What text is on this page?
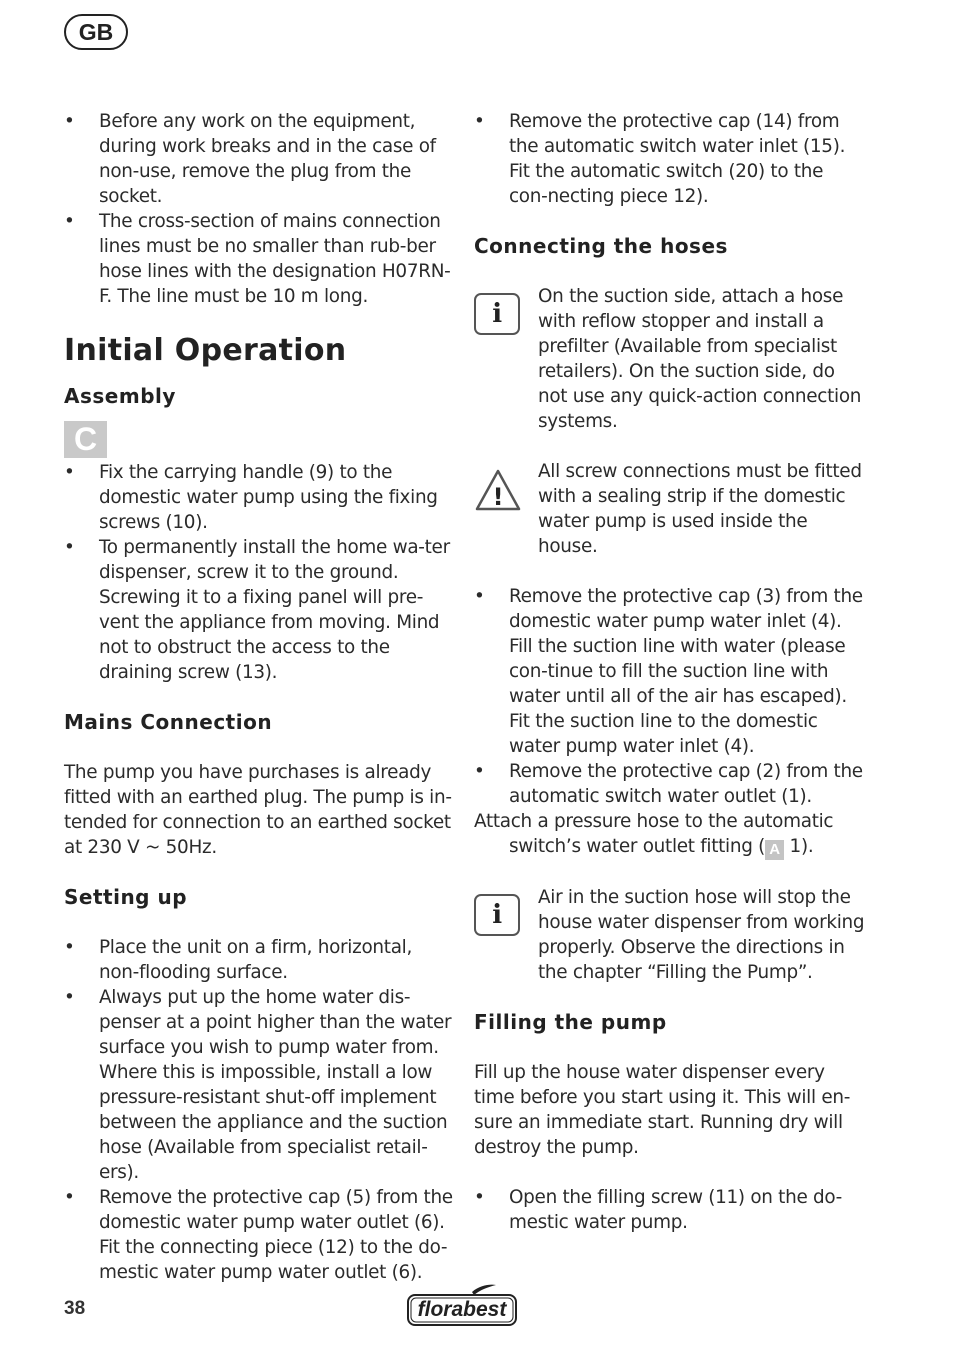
GB
• Before any work on the equipment, during work breaks and in the case of non-use, remove the plug from the socket.
• The cross-section of mains connection lines must be no smaller than rub-ber hose lines with the designation H07RN-F. The line must be 10 m long.
Initial Operation
Assembly
C
• Fix the carrying handle (9) to the domestic water pump using the fixing screws (10).
• To permanently install the home wa-ter dispenser, screw it to the ground. Screwing it to a fixing panel will pre-vent the appliance from moving. Mind not to obstruct the access to the draining screw (13).
Mains Connection
The pump you have purchases is already fitted with an earthed plug. The pump is in-tended for connection to an earthed socket at 230 V ~ 50Hz.
Setting up
• Place the unit on a firm, horizontal, non-flooding surface.
• Always put up the home water dis-penser at a point higher than the water surface you wish to pump water from. Where this is impossible, install a low pressure-resistant shut-off implement between the appliance and the suction hose (Available from specialist retail-ers).
• Remove the protective cap (5) from the domestic water pump water outlet (6). Fit the connecting piece (12) to the do-mestic water pump water outlet (6).
• Remove the protective cap (14) from the automatic switch water inlet (15). Fit the automatic switch (20) to the con-necting piece 12).
Connecting the hoses
i
On the suction side, attach a hose with reflow stopper and install a prefilter (Available from specialist retailers). On the suction side, do not use any quick-action connection systems.
!
All screw connections must be fitted with a sealing strip if the domestic water pump is used inside the house.
• Remove the protective cap (3) from the domestic water pump water inlet (4). Fill the suction line with water (please con-tinue to fill the suction line with water until all of the air has escaped). Fit the suction line to the domestic water pump water inlet (4).
• Remove the protective cap (2) from the automatic switch water outlet (1).
Attach a pressure hose to the automatic switch’s water outlet fitting ( A 1).
i
Air in the suction hose will stop the house water dispenser from working properly. Observe the directions in the chapter “Filling the Pump”.
Filling the pump
Fill up the house water dispenser every time before you start using it. This will en-sure an immediate start. Running dry will destroy the pump.
• Open the filling screw (11) on the do-mestic water pump.
38	florabest
